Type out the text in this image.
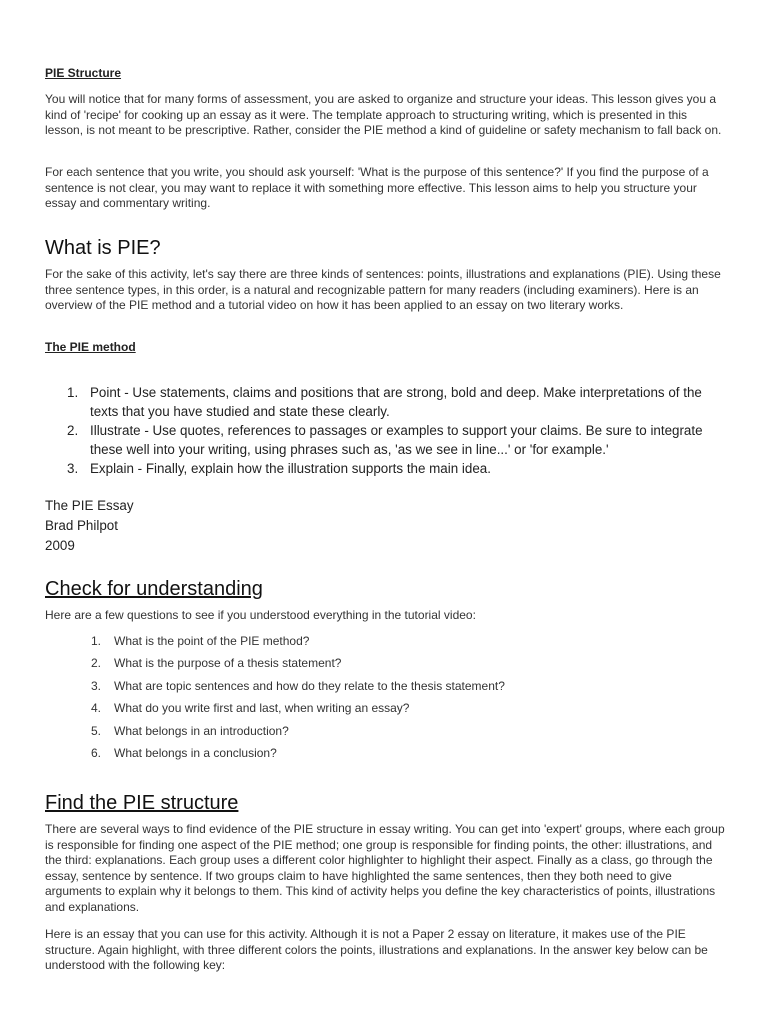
PIE Structure

You will notice that for many forms of assessment, you are asked to organize and structure your ideas. This lesson gives you a kind of 'recipe' for cooking up an essay as it were. The template approach to structuring writing, which is presented in this lesson, is not meant to be prescriptive. Rather, consider the PIE method a kind of guideline or safety mechanism to fall back on.

For each sentence that you write, you should ask yourself: 'What is the purpose of this sentence?' If you find the purpose of a sentence is not clear, you may want to replace it with something more effective. This lesson aims to help you structure your essay and commentary writing.

What is PIE?

For the sake of this activity, let's say there are three kinds of sentences: points, illustrations and explanations (PIE). Using these three sentence types, in this order, is a natural and recognizable pattern for many readers (including examiners). Here is an overview of the PIE method and a tutorial video on how it has been applied to an essay on two literary works.

The PIE method
1. Point - Use statements, claims and positions that are strong, bold and deep. Make interpretations of the texts that you have studied and state these clearly.
2. Illustrate - Use quotes, references to passages or examples to support your claims. Be sure to integrate these well into your writing, using phrases such as, 'as we see in line...' or 'for example.'
3. Explain - Finally, explain how the illustration supports the main idea.
The PIE Essay
Brad Philpot
2009
Check for understanding

Here are a few questions to see if you understood everything in the tutorial video:

1. What is the point of the PIE method?
2. What is the purpose of a thesis statement?
3. What are topic sentences and how do they relate to the thesis statement?
4. What do you write first and last, when writing an essay?
5. What belongs in an introduction?
6. What belongs in a conclusion?
Find the PIE structure

There are several ways to find evidence of the PIE structure in essay writing. You can get into 'expert' groups, where each group is responsible for finding one aspect of the PIE method; one group is responsible for finding points, the other: illustrations, and the third: explanations. Each group uses a different color highlighter to highlight their aspect. Finally as a class, go through the essay, sentence by sentence. If two groups claim to have highlighted the same sentences, then they both need to give arguments to explain why it belongs to them. This kind of activity helps you define the key characteristics of points, illustrations and explanations.

Here is an essay that you can use for this activity. Although it is not a Paper 2 essay on literature, it makes use of the PIE structure. Again highlight, with three different colors the points, illustrations and explanations. In the answer key below can be understood with the following key:
